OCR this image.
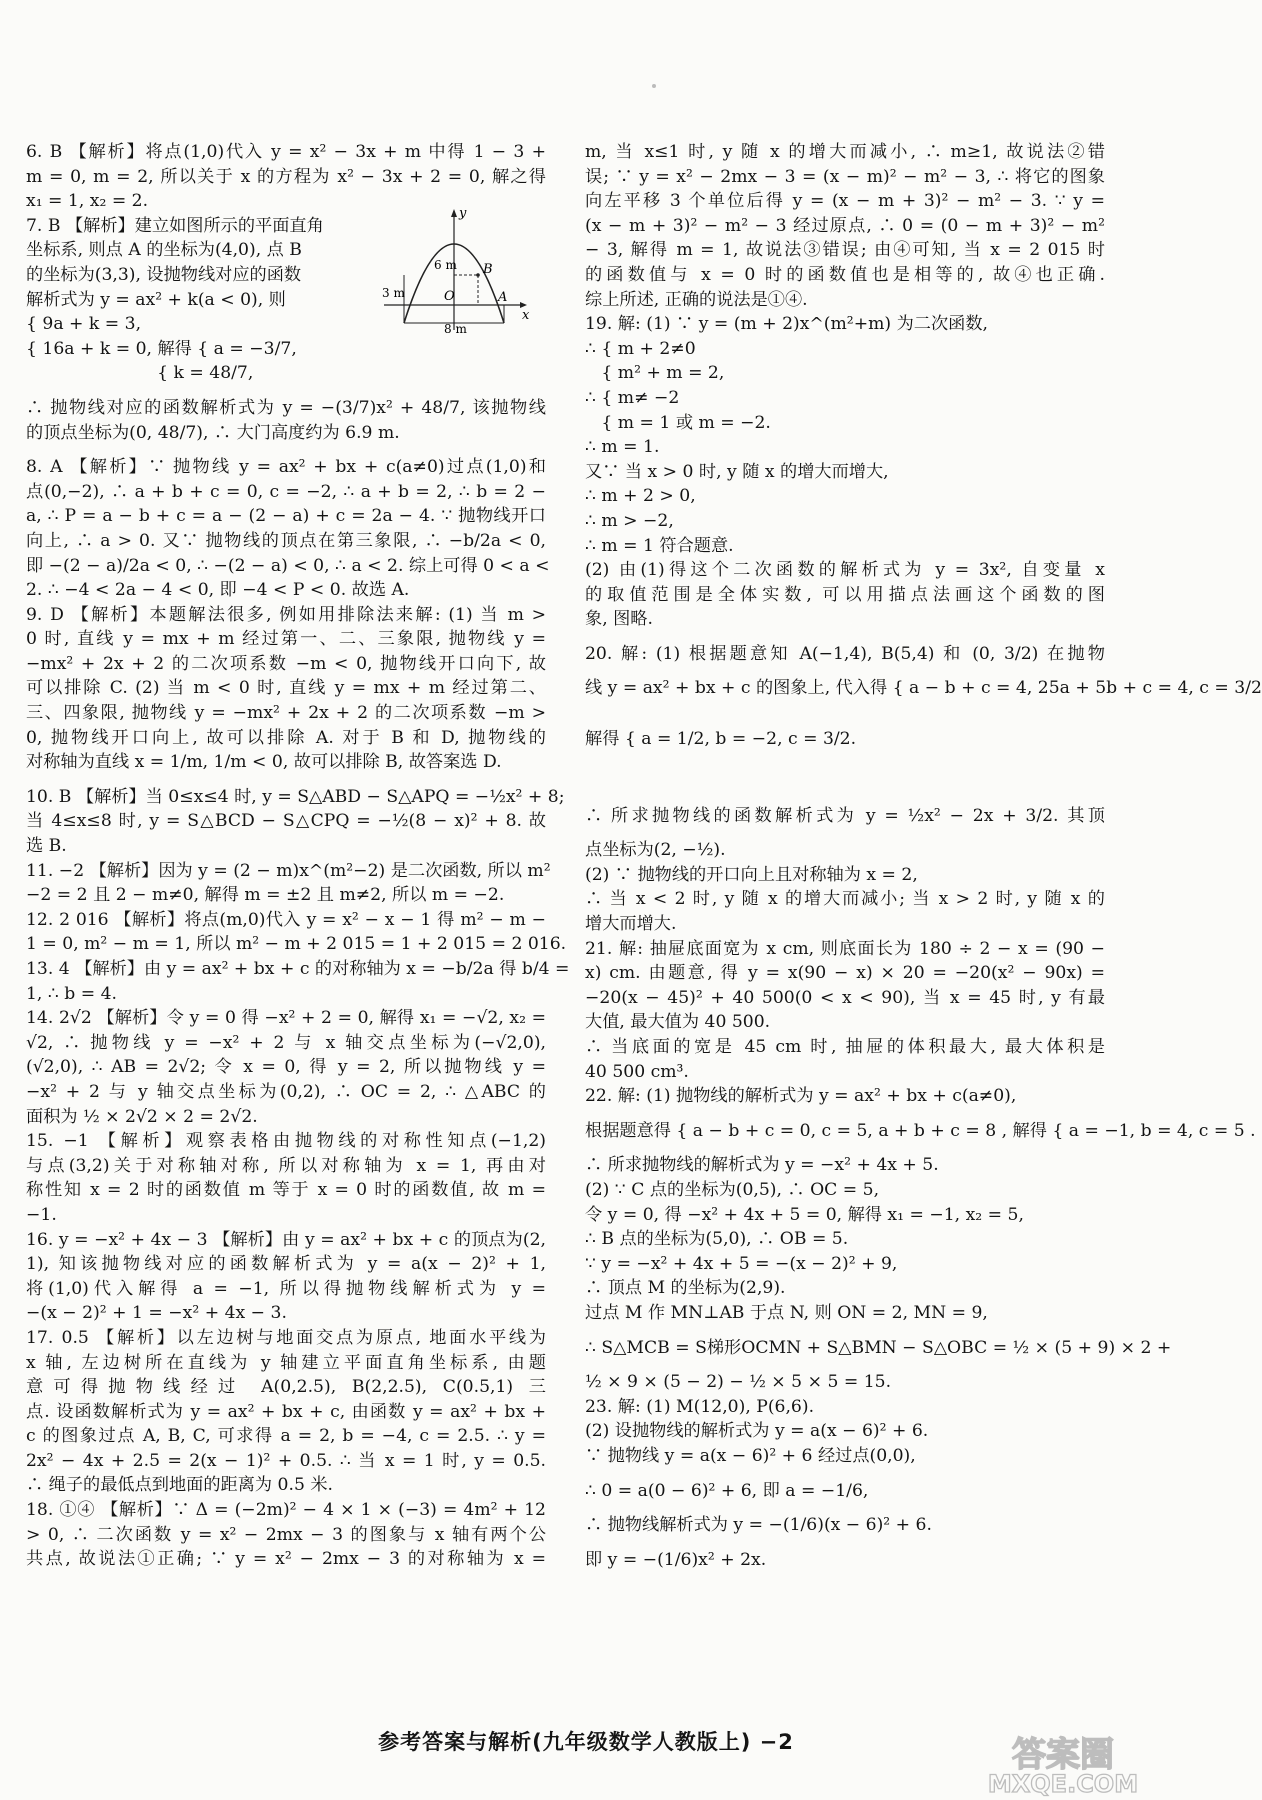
6. B 【解析】将点(1,0)代入 y = x² − 3x + m 中得 1 − 3 +
m = 0, m = 2, 所以关于 x 的方程为 x² − 3x + 2 = 0, 解之得
x₁ = 1, x₂ = 2.
7. B 【解析】建立如图所示的平面直角
坐标系, 则点 A 的坐标为(4,0), 点 B
的坐标为(3,3), 设抛物线对应的函数
解析式为 y = ax² + k(a < 0), 则
{ 9a + k = 3,
{ 16a + k = 0, 解得 { a = −3/7,
{ k = 48/7,
∴ 抛物线对应的函数解析式为 y = −(3/7)x² + 48/7, 该抛物线
的顶点坐标为(0, 48/7), ∴ 大门高度约为 6.9 m.
8. A 【解析】∵ 抛物线 y = ax² + bx + c(a≠0)过点(1,0)和
点(0,−2), ∴ a + b + c = 0, c = −2, ∴ a + b = 2, ∴ b = 2 −
a, ∴ P = a − b + c = a − (2 − a) + c = 2a − 4. ∵ 抛物线开口
向上, ∴ a > 0. 又∵ 抛物线的顶点在第三象限, ∴ −b/2a < 0,
即 −(2 − a)/2a < 0, ∴ −(2 − a) < 0, ∴ a < 2. 综上可得 0 < a <
2. ∴ −4 < 2a − 4 < 0, 即 −4 < P < 0. 故选 A.
9. D 【解析】本题解法很多, 例如用排除法来解: (1) 当 m >
0 时, 直线 y = mx + m 经过第一、二、三象限, 抛物线 y =
−mx² + 2x + 2 的二次项系数 −m < 0, 抛物线开口向下, 故
可以排除 C. (2) 当 m < 0 时, 直线 y = mx + m 经过第二、
三、四象限, 抛物线 y = −mx² + 2x + 2 的二次项系数 −m >
0, 抛物线开口向上, 故可以排除 A. 对于 B 和 D, 抛物线的
对称轴为直线 x = 1/m, 1/m < 0, 故可以排除 B, 故答案选 D.
10. B 【解析】当 0≤x≤4 时, y = S△ABD − S△APQ = −½x² + 8;
当 4≤x≤8 时, y = S△BCD − S△CPQ = −½(8 − x)² + 8. 故
选 B.
11. −2 【解析】因为 y = (2 − m)x^(m²−2) 是二次函数, 所以 m²
−2 = 2 且 2 − m≠0, 解得 m = ±2 且 m≠2, 所以 m = −2.
12. 2 016 【解析】将点(m,0)代入 y = x² − x − 1 得 m² − m −
1 = 0, m² − m = 1, 所以 m² − m + 2 015 = 1 + 2 015 = 2 016.
13. 4 【解析】由 y = ax² + bx + c 的对称轴为 x = −b/2a 得 b/4 =
1, ∴ b = 4.
14. 2√2 【解析】令 y = 0 得 −x² + 2 = 0, 解得 x₁ = −√2, x₂ =
√2, ∴ 抛物线 y = −x² + 2 与 x 轴交点坐标为(−√2,0),
(√2,0), ∴ AB = 2√2; 令 x = 0, 得 y = 2, 所以抛物线 y =
−x² + 2 与 y 轴交点坐标为(0,2), ∴ OC = 2, ∴ △ABC 的
面积为 ½ × 2√2 × 2 = 2√2.
15. −1 【解析】观察表格由抛物线的对称性知点(−1,2)
与点(3,2)关于对称轴对称, 所以对称轴为 x = 1, 再由对
称性知 x = 2 时的函数值 m 等于 x = 0 时的函数值, 故 m =
−1.
16. y = −x² + 4x − 3 【解析】由 y = ax² + bx + c 的顶点为(2,
1), 知该抛物线对应的函数解析式为 y = a(x − 2)² + 1,
将(1,0)代入解得 a = −1, 所以得抛物线解析式为 y =
−(x − 2)² + 1 = −x² + 4x − 3.
17. 0.5 【解析】以左边树与地面交点为原点, 地面水平线为
x 轴, 左边树所在直线为 y 轴建立平面直角坐标系, 由题
意可得抛物线经过 A(0,2.5), B(2,2.5), C(0.5,1) 三
点. 设函数解析式为 y = ax² + bx + c, 由函数 y = ax² + bx +
c 的图象过点 A, B, C, 可求得 a = 2, b = −4, c = 2.5. ∴ y =
2x² − 4x + 2.5 = 2(x − 1)² + 0.5. ∴ 当 x = 1 时, y = 0.5.
∴ 绳子的最低点到地面的距离为 0.5 米.
18. ①④ 【解析】∵ Δ = (−2m)² − 4 × 1 × (−3) = 4m² + 12
> 0, ∴ 二次函数 y = x² − 2mx − 3 的图象与 x 轴有两个公
共点, 故说法①正确; ∵ y = x² − 2mx − 3 的对称轴为 x =
y
6 m B
3 m	O	A
x
8 m
m, 当 x≤1 时, y 随 x 的增大而减小, ∴ m≥1, 故说法②错
误; ∵ y = x² − 2mx − 3 = (x − m)² − m² − 3, ∴ 将它的图象
向左平移 3 个单位后得 y = (x − m + 3)² − m² − 3. ∵ y =
(x − m + 3)² − m² − 3 经过原点, ∴ 0 = (0 − m + 3)² − m²
− 3, 解得 m = 1, 故说法③错误; 由④可知, 当 x = 2 015 时
的函数值与 x = 0 时的函数值也是相等的, 故④也正确.
综上所述, 正确的说法是①④.
19. 解: (1) ∵ y = (m + 2)x^(m²+m) 为二次函数,
∴ { m + 2≠0
{ m² + m = 2,
∴ { m≠ −2
{ m = 1 或 m = −2.
∴ m = 1.
又∵ 当 x > 0 时, y 随 x 的增大而增大,
∴ m + 2 > 0,
∴ m > −2,
∴ m = 1 符合题意.
(2) 由(1)得这个二次函数的解析式为 y = 3x², 自变量 x
的取值范围是全体实数, 可以用描点法画这个函数的图
象, 图略.
20. 解: (1) 根据题意知 A(−1,4), B(5,4) 和 (0, 3/2) 在抛物
线 y = ax² + bx + c 的图象上, 代入得 { a − b + c = 4, 25a + 5b + c = 4, c = 3/2
解得 { a = 1/2, b = −2, c = 3/2.
∴ 所求抛物线的函数解析式为 y = ½x² − 2x + 3/2. 其顶
点坐标为(2, −½).
(2) ∵ 抛物线的开口向上且对称轴为 x = 2,
∴ 当 x < 2 时, y 随 x 的增大而减小; 当 x > 2 时, y 随 x 的
增大而增大.
21. 解: 抽屉底面宽为 x cm, 则底面长为 180 ÷ 2 − x = (90 −
x) cm. 由题意, 得 y = x(90 − x) × 20 = −20(x² − 90x) =
−20(x − 45)² + 40 500(0 < x < 90), 当 x = 45 时, y 有最
大值, 最大值为 40 500.
∴ 当底面的宽是 45 cm 时, 抽屉的体积最大, 最大体积是
40 500 cm³.
22. 解: (1) 抛物线的解析式为 y = ax² + bx + c(a≠0),
根据题意得 { a − b + c = 0, c = 5, a + b + c = 8 , 解得 { a = −1, b = 4, c = 5 .
∴ 所求抛物线的解析式为 y = −x² + 4x + 5.
(2) ∵ C 点的坐标为(0,5), ∴ OC = 5,
令 y = 0, 得 −x² + 4x + 5 = 0, 解得 x₁ = −1, x₂ = 5,
∴ B 点的坐标为(5,0), ∴ OB = 5.
∵ y = −x² + 4x + 5 = −(x − 2)² + 9,
∴ 顶点 M 的坐标为(2,9).
过点 M 作 MN⊥AB 于点 N, 则 ON = 2, MN = 9,
∴ S△MCB = S梯形OCMN + S△BMN − S△OBC = ½ × (5 + 9) × 2 +
½ × 9 × (5 − 2) − ½ × 5 × 5 = 15.
23. 解: (1) M(12,0), P(6,6).
(2) 设抛物线的解析式为 y = a(x − 6)² + 6.
∵ 抛物线 y = a(x − 6)² + 6 经过点(0,0),
∴ 0 = a(0 − 6)² + 6, 即 a = −1/6,
∴ 抛物线解析式为 y = −(1/6)(x − 6)² + 6.
即 y = −(1/6)x² + 2x.
参考答案与解析(九年级数学人教版上) −2	答案圈
MXQE.COM
